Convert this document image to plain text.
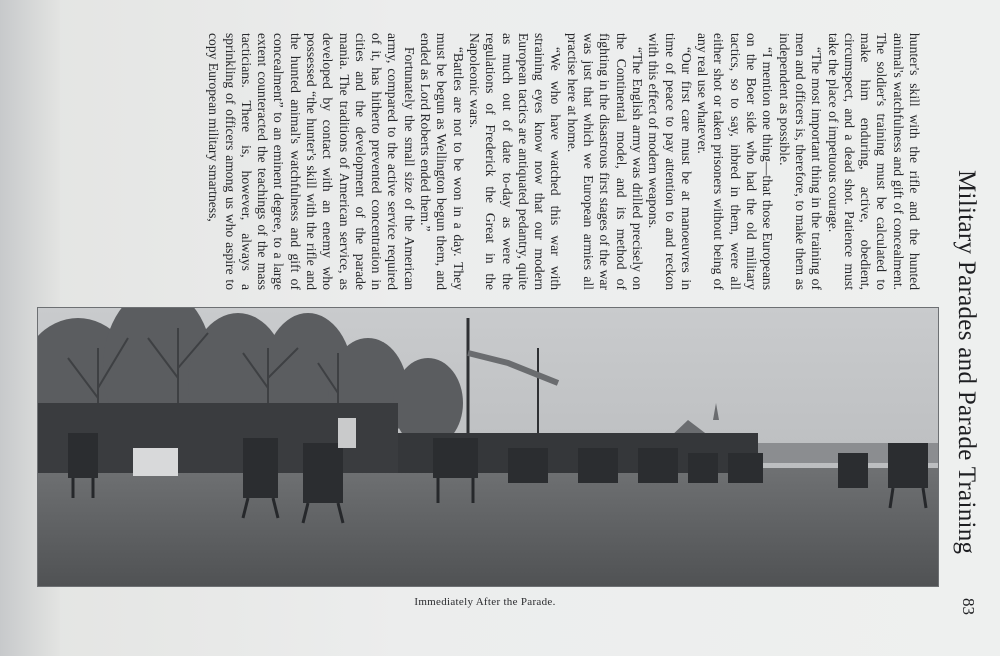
Military Parades and Parade Training

hunter's skill with the rifle and the hunted animal's watchfulness and gift of concealment. The soldier's training must be calculated to make him enduring, active, obedient, circumspect, and a dead shot. Patience must take the place of impetuous courage.

“The most important thing in the training of men and officers is, therefore, to make them as independent as possible.

“I mention one thing—that those Europeans on the Boer side who had the old military tactics, so to say, inbred in them, were all either shot or taken prisoners without being of any real use whatever.

“Our first care must be at manoeuvres in time of peace to pay attention to and reckon with this effect of modern weapons.

“The English army was drilled precisely on the Continental model, and its method of fighting in the disastrous first stages of the war was just that which we European armies all practise here at home.

“We who have watched this war with straining eyes know now that our modern European tactics are antiquated pedantry, quite as much out of date to-day as were the regulations of Frederick the Great in the Napoleonic wars.

“Battles are not to be won in a day. They must be begun as Wellington begun them, and ended as Lord Roberts ended them.”

Fortunately the small size of the American army, compared to the active service required of it, has hitherto prevented concentration in cities and the development of the parade mania. The traditions of American service, as developed by contact with an enemy who possessed “the hunter's skill with the rifle and the hunted animal's watchfulness and gift of concealment” to an eminent degree, to a large extent counteracted the teachings of the mass tacticians. There is, however, always a sprinkling of officers among us who aspire to copy European military smartness,

Immediately After the Parade.	83
